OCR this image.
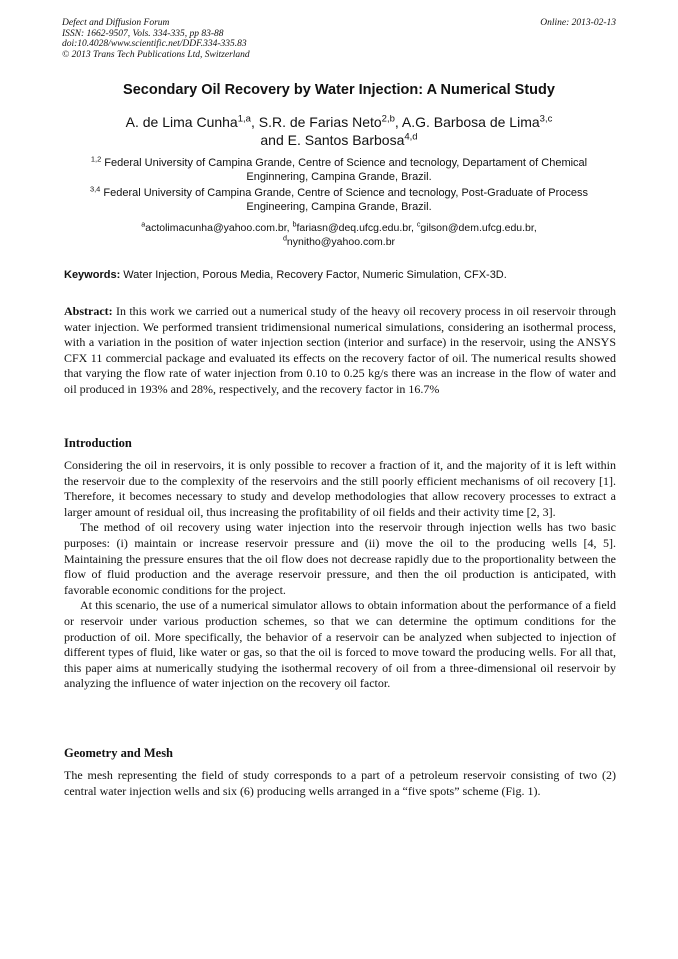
Defect and Diffusion Forum
ISSN: 1662-9507, Vols. 334-335, pp 83-88
doi:10.4028/www.scientific.net/DDF.334-335.83
© 2013 Trans Tech Publications Ltd, Switzerland
Online: 2013-02-13
Secondary Oil Recovery by Water Injection: A Numerical Study
A. de Lima Cunha$^{1,a}$, S.R. de Farias Neto$^{2,b}$, A.G. Barbosa de Lima$^{3,c}$
and E. Santos Barbosa$^{4,d}$
$^{1,2}$ Federal University of Campina Grande, Centre of Science and tecnology, Departament of Chemical Enginnering, Campina Grande, Brazil.
$^{3,4}$ Federal University of Campina Grande, Centre of Science and tecnology, Post-Graduate of Process Engineering, Campina Grande, Brazil.
$^a$actolimacunha@yahoo.com.br, $^b$fariasn@deq.ufcg.edu.br, $^c$gilson@dem.ufcg.edu.br,
$^d$nynitho@yahoo.com.br
Keywords: Water Injection, Porous Media, Recovery Factor, Numeric Simulation, CFX-3D.
Abstract: In this work we carried out a numerical study of the heavy oil recovery process in oil reservoir through water injection. We performed transient tridimensional numerical simulations, considering an isothermal process, with a variation in the position of water injection section (interior and surface) in the reservoir, using the ANSYS CFX 11 commercial package and evaluated its effects on the recovery factor of oil. The numerical results showed that varying the flow rate of water injection from 0.10 to 0.25 kg/s there was an increase in the flow of water and oil produced in 193% and 28%, respectively, and the recovery factor in 16.7%
Introduction

Considering the oil in reservoirs, it is only possible to recover a fraction of it, and the majority of it is left within the reservoir due to the complexity of the reservoirs and the still poorly efficient mechanisms of oil recovery [1]. Therefore, it becomes necessary to study and develop methodologies that allow recovery processes to extract a larger amount of residual oil, thus increasing the profitability of oil fields and their activity time [2, 3].

The method of oil recovery using water injection into the reservoir through injection wells has two basic purposes: (i) maintain or increase reservoir pressure and (ii) move the oil to the producing wells [4, 5]. Maintaining the pressure ensures that the oil flow does not decrease rapidly due to the proportionality between the flow of fluid production and the average reservoir pressure, and then the oil production is anticipated, with favorable economic conditions for the project.

At this scenario, the use of a numerical simulator allows to obtain information about the performance of a field or reservoir under various production schemes, so that we can determine the optimum conditions for the production of oil. More specifically, the behavior of a reservoir can be analyzed when subjected to injection of different types of fluid, like water or gas, so that the oil is forced to move toward the producing wells. For all that, this paper aims at numerically studying the isothermal recovery of oil from a three-dimensional oil reservoir by analyzing the influence of water injection on the recovery oil factor.

Geometry and Mesh

The mesh representing the field of study corresponds to a part of a petroleum reservoir consisting of two (2) central water injection wells and six (6) producing wells arranged in a “five spots” scheme (Fig. 1).
